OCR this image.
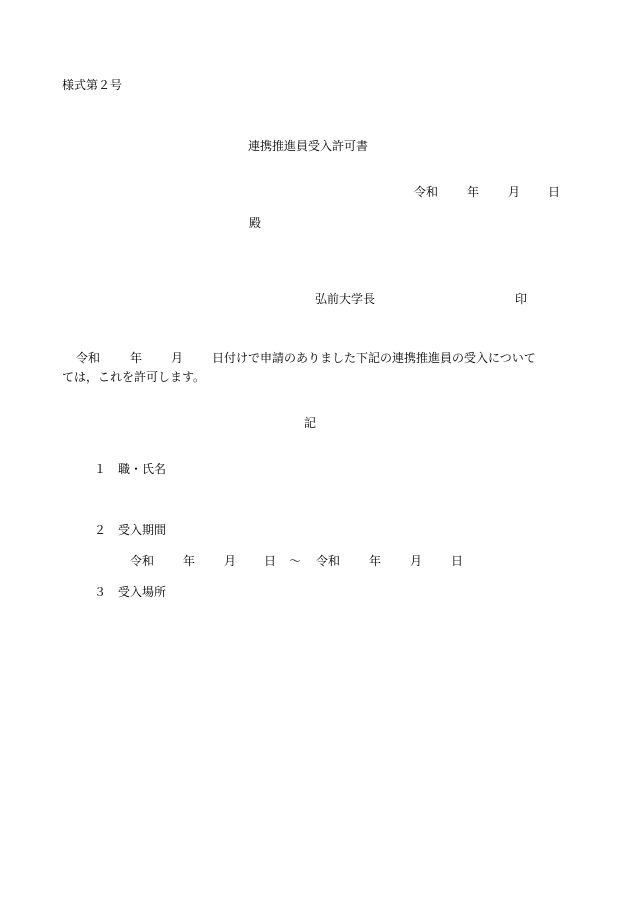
様式第２号
連携推進員受入許可書
令和 年 月 日
殿
弘前大学長	印
令和 年 月 日付けで申請のありました下記の連携推進員の受入について
ては，これを許可します。
記
１ 職・氏名
２ 受入期間
令和 年 月 日 ～ 令和 年 月 日
３ 受入場所
